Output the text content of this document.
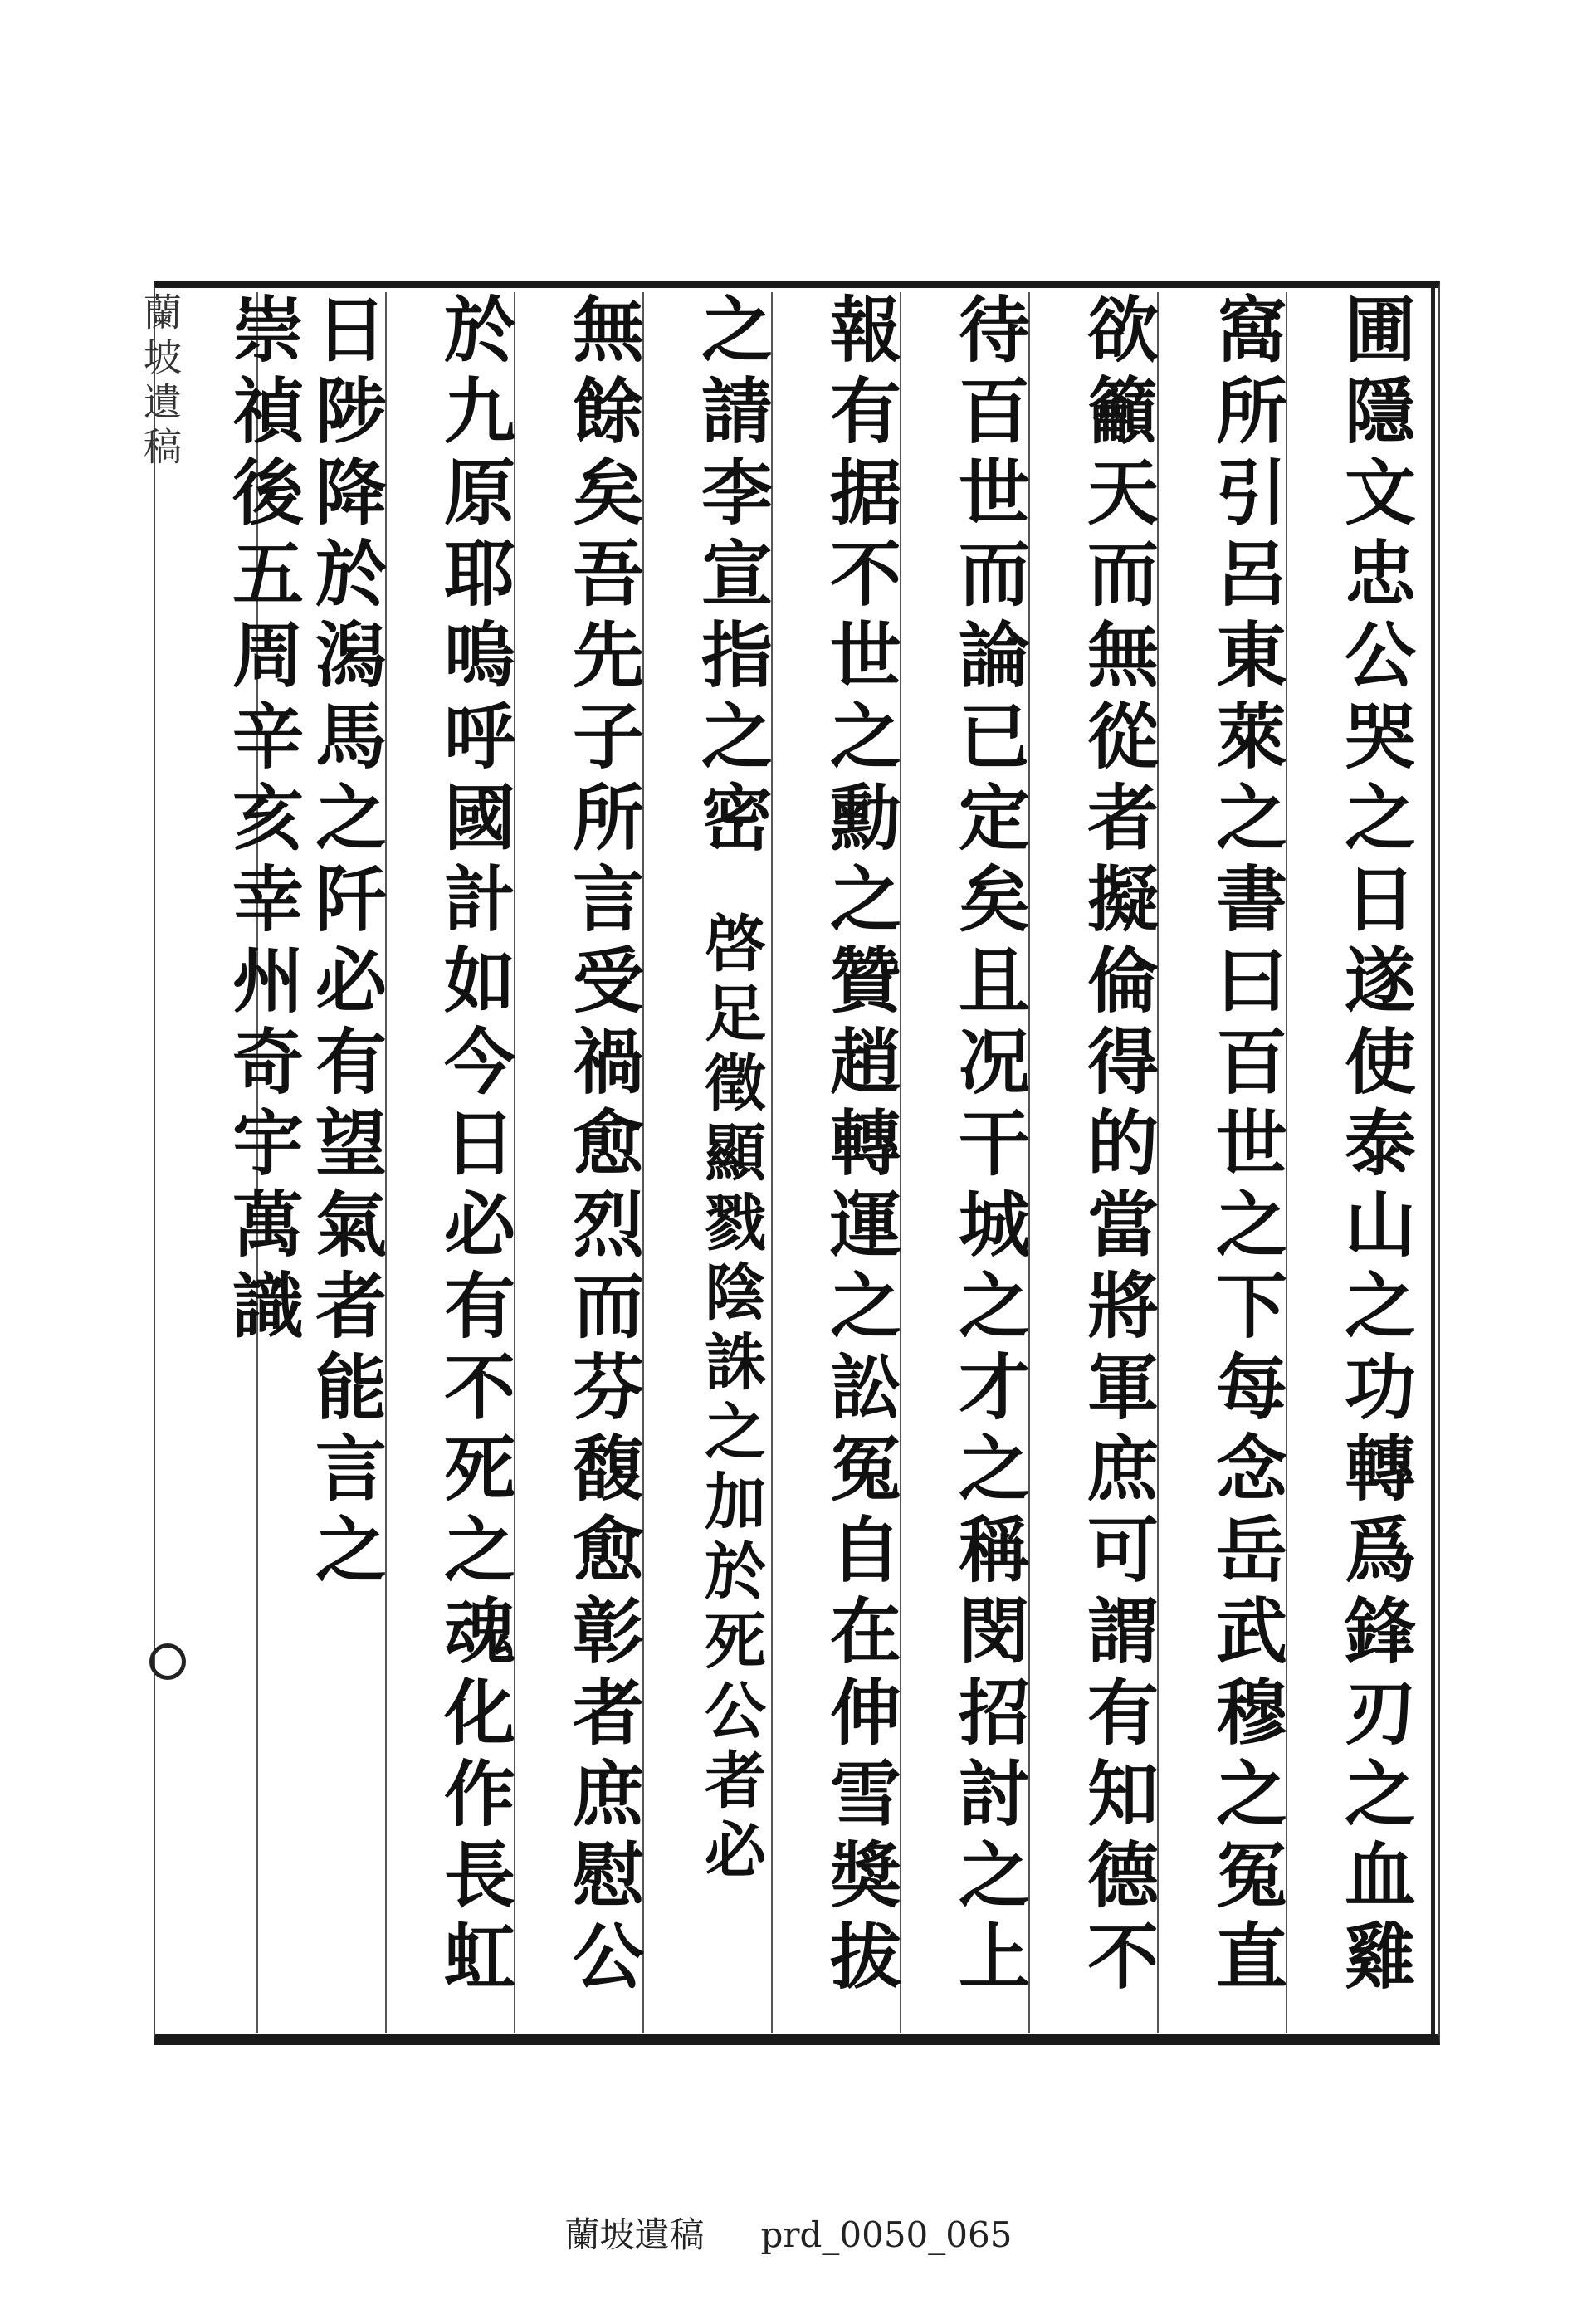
蘭坡遺稿	圃隱文忠公哭之日遂使泰山之功轉爲鋒刃之血雞
窩所引呂東萊之書曰百世之下每念岳武穆之冤直
欲籲天而無從者擬倫得的當將軍庶可謂有知德不
待百世而論已定矣且况干城之才之稱閔招討之上
報有据不世之勳之贊趙轉運之訟冤自在伸雪獎拔
之請李宣指之密啓足徵顯戮陰誅之加於死公者必
無餘矣吾先子所言受禍愈烈而芬馥愈彰者庶慰公
於九原耶嗚呼國計如今日必有不死之魂化作長虹
日陟降於潟馬之阡必有望氣者能言之
崇禎後五周辛亥幸州奇宇萬識
蘭坡遺稿 prd_0050_065
